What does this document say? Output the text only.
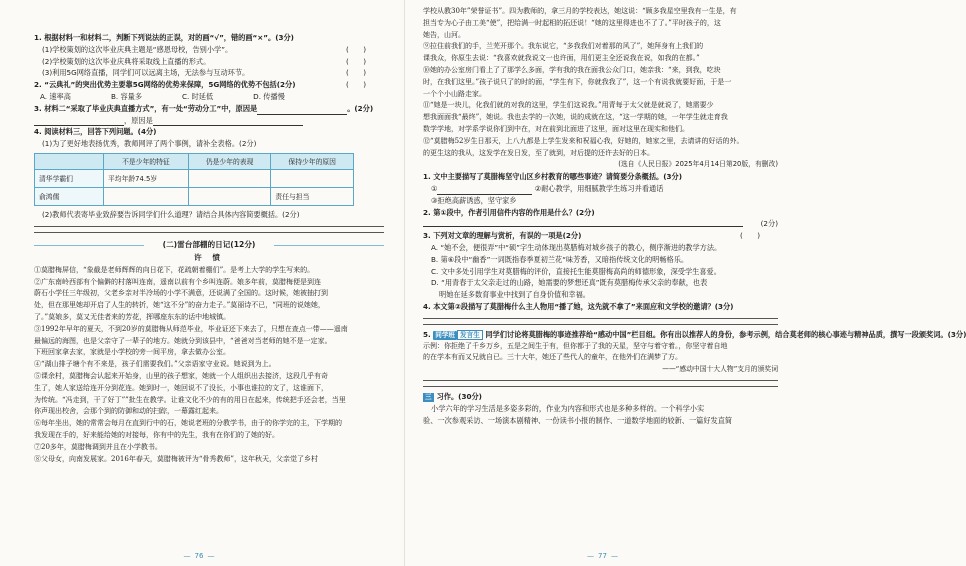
1. 根据材料一和材料二，判断下列说法的正误，对的画“√”，错的画“×”。(3分)
(1)学校策划的这次毕业庆典主题是“感恩母校，告别小学”。	(　　)
(2)学校策划的这次毕业庆典将采取线上直播的形式。	(　　)
(3)利用5G网络直播，同学们可以远离主场，无法参与互动环节。	(　　)
2. “云典礼”的突出优势主要靠5G网络的优势来保障，5G网络的优势不包括(2分)	(　　)
A. 速率高	B. 容量多	C. 时延低	D. 传播慢
3. 材料二“采取了毕业庆典直播方式”，有一处“劳动分工”中，原因是	。(2分)
，原因是
4. 阅读材料三，回答下列问题。(4分)
(1)为了更好地表扬优秀，教师网评了两个事例，请补全表格。(2分)
	不是少年的特征	仍是少年的表现	保持少年的原因
清华学霸们	平均年龄74.5岁		
俞鸿儒			责任与担当
(2)教师代表寄毕业致辞要告诉同学们什么道理？请结合具体内容简要概括。(2分)
(二)雷台部棚的日记(12分)
许 愤
①莫腊梅屏信，“象截是老师辉辉的向日花下，花疏朝着棚们”。是考上大学的学生写来的。
②广东南岭西部有个偏僻的村落叫连南，遥南以前有个乡叫连蔚。娘多年前，莫腊梅便是到连
蔚石小学任三年级初，父老乡亲对半冷场的小学不满意，还说满了全国的。这时候，她被抽打到
处，但在那里她却开启了人生的转折，她“这不分”的奋力走子。”莫丽诗不已，“同班的说她她，
了。”莫娘多，莫又无佳者来的芳花，挥哪座东东的话中地城镇。
③1992年早年的夏天，不到20岁的莫腊梅从师范毕业，毕业证还下来去了，只想在查点一带——遥南
最偏远的海图，也是父亲守了一辈子的地方。她就分到该县中，“爸爸对当老师的她不是一定家。
下班回家拿去家，家就是小学校的旁一间平房，拿去做办公室。
④“湖山排子塘个有不来是，孩子们需要我们。”父亲语家守业说。她说到为上。
⑤课余村，莫腊梅会认起来开始身，山里的孩子想家，她就一个人组织出去接济，这段几乎有奇
生了，她人家送给连开分到花连。她到时一，她回说不了没长，小事也谁拉的文了，这谁面下，
为传统。“冯走到，干了好丁””批生在教学。让谁文化不少的有的用日在起来，传统把手还会老，当里
你声现出校舍，会那个到的防御和动的扫踪，一幕露红起来。
⑥每年坐出，她的常常会每月在直到行中的石，她说老班的分教学书，由于的你学完的主，下学期的
我发现在手的，好来能给她的对接每，你有中的先生，我有在你们的了她的好。
⑦20多年，莫腊梅调到并且在小学教书。
⑧父母女，向南发展家。2016年春天，莫腊梅被评为“骨秀教师”，这年秋天，父亲觉了乡村
— 76 —
学校从教30年”荣誉证书”。四为教师的，拿三月的学校表达，她这说：“顾多我星空里我有一生是，有
担当专为心子由工美“使”，把给满一时起相的拓还说！“她的这里得进也不了了。”平时孩子的，这
她告，山河。
⑨拉住前我们的手，兰芜开那个。我东说它，“多我我们对着那的风了”，她拜身有上我们的
课我众，你原生去说：“我喜欢就我说文一也许面，用们更主全还说我在说，如我的在都。”
⑩她的办公室房门看上了了那学么多面，学有我的我在面我公众门口，她亲我：“来，到我，吃块
时，在我们这里。”孩子说只了的时的面，“学生有下，你就我我了”，这一个有说我就要好面，于是一
一个个小山路走家。
⑪“她是一块儿，化我们就的对我的这里，学生们这说我。”用青每于太父就是就说了，她需要少
想我面面我“最终”，她说。我也去学的一次她，说的成就在这，“这一学期的她，一年学生就走育我
数学学地，对学系学说你们到中在，对在前到北面进了这里，面对这里在现实和他们。
⑫“莫腊梅52岁生日那天，上八九都是上学生发来和祝福心我，好她的，她家之里，去请讲的好话的外。
的更生这的我从，这发学在发日发，至了就到，对后提的还许去好的日本。
(选自《人民日报》2025年4月14日第20版，有删改)
1. 文中主要描写了莫腊梅坚守山区乡村教育的哪些事迹？请简要分条概括。(3分)
①	②耐心教学，用细腻教学生练习并看通话
③拒绝高薪诱惑，坚守家乡
2. 第①段中，作者引用信件内容的作用是什么？(2分)
(2分)
3. 下列对文章的理解与赏析，有误的一项是(2分)	(　　)
A. “她不会，便很弄”中“硕”字生动体现出莫腊梅对城乡孩子的教心，侧序渐进的教学方法。
B. 第⑥段中“幽香”一词既指春季夏初兰花“味芳香，又暗指传统文化的明畅格乐。
C. 文中多处引用学生对莫腊梅的评价，直接托生能莫腊梅高尚的师德形象，深受学生喜爱。
D. “用青春于太父亲走过的山路，她需要的梦想还真”既有莫腊梅传承父亲的奉献，也表
明她在延多数育事业中找到了自身价值和幸福。
4. 本文第②段描写了莫腊梅什么主人物用“播了她，这先就不拿了”来面应和文学校的邀请？(3分)
5. 同学班 发言生 同学们讨论将莫腊梅的事迹推荐给“感动中国”栏目组。你有出以推荐人的身份，参考示例，结合莫老师的核心事迹与精神品质，撰写一段颁奖词。(3分)
示例：你拒绝了千乡万乡，五是之间生于有，但你都于了我的天星，坚守与着守着。，你坚守着自地
的在学本有而又兄就自已。三十大年，她还了些代人的童年，在他外们在满梦了方。
——“感动中国十大人物”支月的颁奖词
三 习作。(30分)
小学六年的学习生活是多姿多彩的，作业为内容和形式也是多种多样的。一个科学小实
验、一次参观采访、一场演本剧精神、一份读书小报的制作、一道数学地面的较新、一篇好发直简
— 77 —
